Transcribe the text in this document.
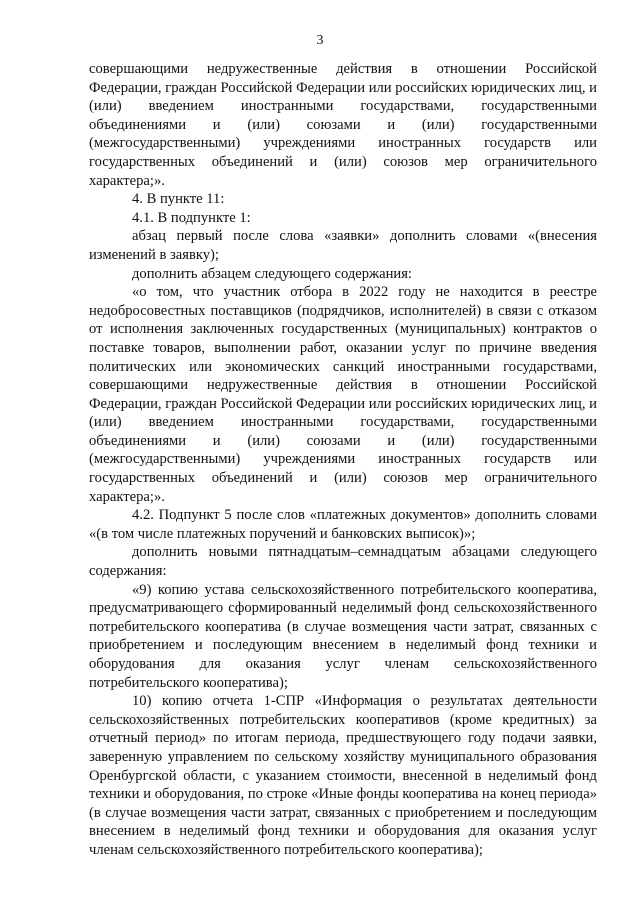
3

совершающими недружественные действия в отношении Российской Федерации, граждан Российской Федерации или российских юридических лиц, и (или) введением иностранными государствами, государственными объединениями и (или) союзами и (или) государственными (межгосударственными) учреждениями иностранных государств или государственных объединений и (или) союзов мер ограничительного характера;».

4. В пункте 11:

4.1. В подпункте 1:

абзац первый после слова «заявки» дополнить словами «(внесения изменений в заявку);

дополнить абзацем следующего содержания:

«о том, что участник отбора в 2022 году не находится в реестре недобросовестных поставщиков (подрядчиков, исполнителей) в связи с отказом от исполнения заключенных государственных (муниципальных) контрактов о поставке товаров, выполнении работ, оказании услуг по причине введения политических или экономических санкций иностранными государствами, совершающими недружественные действия в отношении Российской Федерации, граждан Российской Федерации или российских юридических лиц, и (или) введением иностранными государствами, государственными объединениями и (или) союзами и (или) государственными (межгосударственными) учреждениями иностранных государств или государственных объединений и (или) союзов мер ограничительного характера;».

4.2. Подпункт 5 после слов «платежных документов» дополнить словами «(в том числе платежных поручений и банковских выписок)»;

дополнить новыми пятнадцатым–семнадцатым абзацами следующего содержания:

«9) копию устава сельскохозяйственного потребительского кооператива, предусматривающего сформированный неделимый фонд сельскохозяйственного потребительского кооператива (в случае возмещения части затрат, связанных с приобретением и последующим внесением в неделимый фонд техники и оборудования для оказания услуг членам сельскохозяйственного потребительского кооператива);

10) копию отчета 1-СПР «Информация о результатах деятельности сельскохозяйственных потребительских кооперативов (кроме кредитных) за отчетный период» по итогам периода, предшествующего году подачи заявки, заверенную управлением по сельскому хозяйству муниципального образования Оренбургской области, с указанием стоимости, внесенной в неделимый фонд техники и оборудования, по строке «Иные фонды кооператива на конец периода» (в случае возмещения части затрат, связанных с приобретением и последующим внесением в неделимый фонд техники и оборудования для оказания услуг членам сельскохозяйственного потребительского кооператива);
